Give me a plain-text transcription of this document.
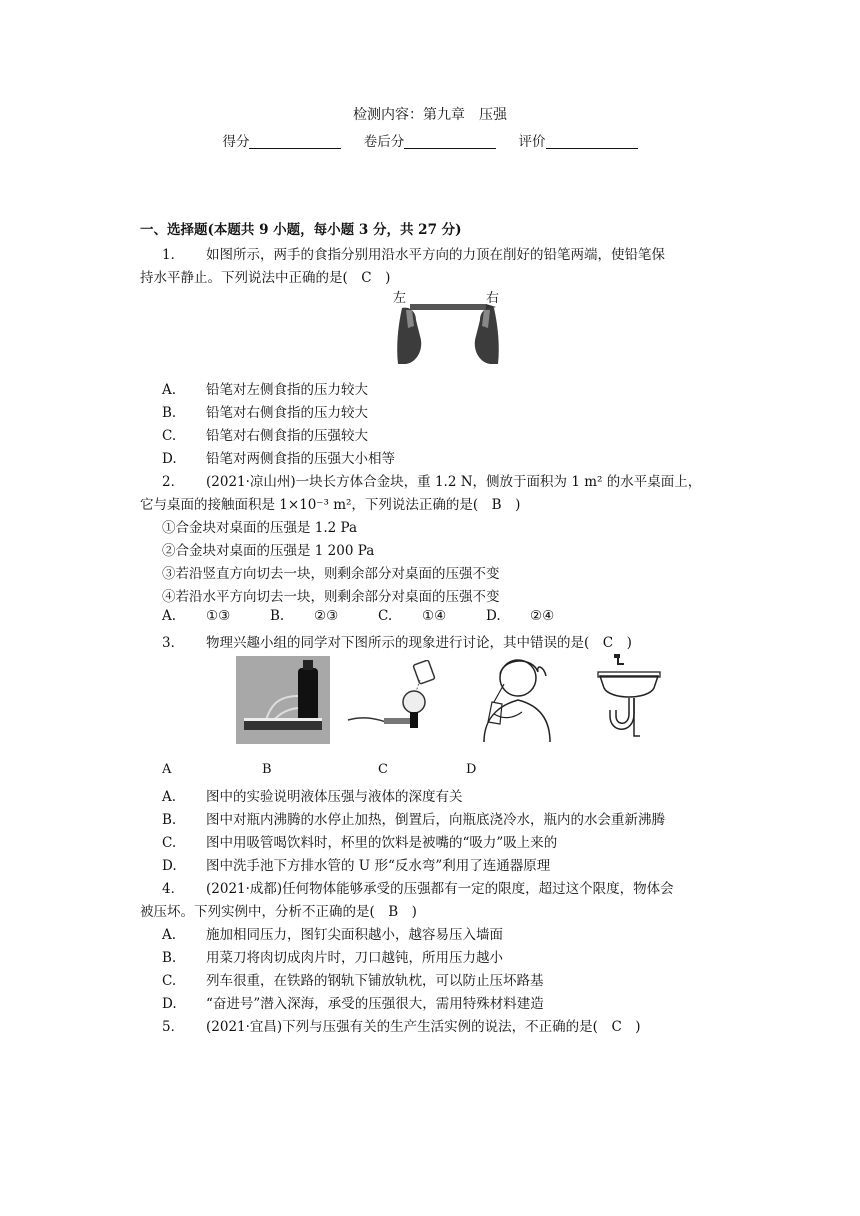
检测内容：第九章　压强
得分	卷后分	评价
一、选择题(本题共 9 小题，每小题 3 分，共 27 分)
1． 如图所示，两手的食指分别用沿水平方向的力顶在削好的铅笔两端，使铅笔保
持水平静止。下列说法中正确的是(　C　)
左	右
A. 铅笔对左侧食指的压力较大
B. 铅笔对右侧食指的压力较大
C. 铅笔对右侧食指的压强较大
D. 铅笔对两侧食指的压强大小相等
2． (2021·凉山州)一块长方体合金块，重 1.2 N，侧放于面积为 1 m² 的水平桌面上，
它与桌面的接触面积是 1×10⁻³ m²，下列说法正确的是(　B　)
①合金块对桌面的压强是 1.2 Pa
②合金块对桌面的压强是 1 200 Pa
③若沿竖直方向切去一块，则剩余部分对桌面的压强不变
④若沿水平方向切去一块，则剩余部分对桌面的压强不变
A. ①③	B. ②③	C. ①④	D. ②④
3． 物理兴趣小组的同学对下图所示的现象进行讨论，其中错误的是(　C　)
A	B	C	D
A. 图中的实验说明液体压强与液体的深度有关
B. 图中对瓶内沸腾的水停止加热，倒置后，向瓶底浇冷水，瓶内的水会重新沸腾
C. 图中用吸管喝饮料时，杯里的饮料是被嘴的“吸力”吸上来的
D. 图中洗手池下方排水管的 U 形“反水弯”利用了连通器原理
4． (2021·成都)任何物体能够承受的压强都有一定的限度，超过这个限度，物体会
被压坏。下列实例中，分析不正确的是(　B　)
A. 施加相同压力，图钉尖面积越小，越容易压入墙面
B. 用菜刀将肉切成肉片时，刀口越钝，所用压力越小
C. 列车很重，在铁路的钢轨下铺放轨枕，可以防止压坏路基
D. “奋进号”潜入深海，承受的压强很大，需用特殊材料建造
5． (2021·宜昌)下列与压强有关的生产生活实例的说法，不正确的是(　C　)
